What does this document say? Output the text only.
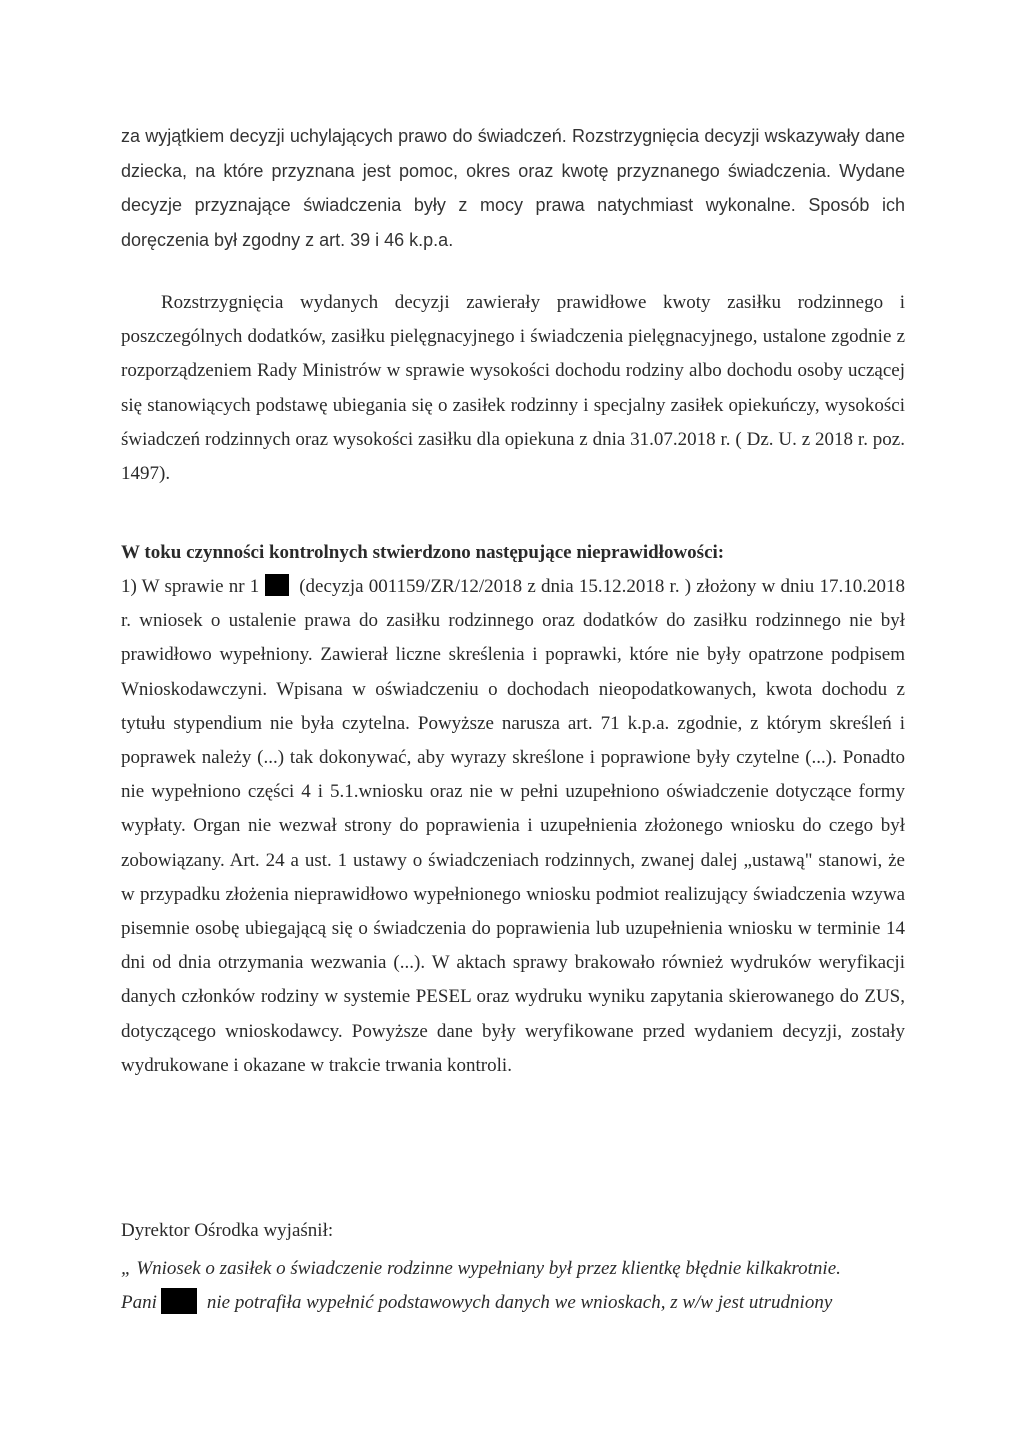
za wyjątkiem decyzji uchylających prawo do świadczeń. Rozstrzygnięcia decyzji wskazywały dane dziecka, na które przyznana jest pomoc, okres oraz kwotę przyznanego świadczenia. Wydane decyzje przyznające świadczenia były z mocy prawa natychmiast wykonalne. Sposób ich doręczenia był zgodny z art. 39 i 46 k.p.a.

Rozstrzygnięcia wydanych decyzji zawierały prawidłowe kwoty zasiłku rodzinnego i poszczególnych dodatków, zasiłku pielęgnacyjnego i świadczenia pielęgnacyjnego, ustalone zgodnie z rozporządzeniem Rady Ministrów w sprawie wysokości dochodu rodziny albo dochodu osoby uczącej się stanowiących podstawę ubiegania się o zasiłek rodzinny i specjalny zasiłek opiekuńczy, wysokości świadczeń rodzinnych oraz wysokości zasiłku dla opiekuna z dnia 31.07.2018 r. ( Dz. U. z 2018 r. poz. 1497).

W toku czynności kontrolnych stwierdzono następujące nieprawidłowości:

1) W sprawie nr 1 (decyzja 001159/ZR/12/2018 z dnia 15.12.2018 r. ) złożony w dniu 17.10.2018 r. wniosek o ustalenie prawa do zasiłku rodzinnego oraz dodatków do zasiłku rodzinnego nie był prawidłowo wypełniony. Zawierał liczne skreślenia i poprawki, które nie były opatrzone podpisem Wnioskodawczyni. Wpisana w oświadczeniu o dochodach nieopodatkowanych, kwota dochodu z tytułu stypendium nie była czytelna. Powyższe narusza art. 71 k.p.a. zgodnie, z którym skreśleń i poprawek należy (...) tak dokonywać, aby wyrazy skreślone i poprawione były czytelne (...). Ponadto nie wypełniono części 4 i 5.1.wniosku oraz nie w pełni uzupełniono oświadczenie dotyczące formy wypłaty. Organ nie wezwał strony do poprawienia i uzupełnienia złożonego wniosku do czego był zobowiązany. Art. 24 a ust. 1 ustawy o świadczeniach rodzinnych, zwanej dalej „ustawą" stanowi, że w przypadku złożenia nieprawidłowo wypełnionego wniosku podmiot realizujący świadczenia wzywa pisemnie osobę ubiegającą się o świadczenia do poprawienia lub uzupełnienia wniosku w terminie 14 dni od dnia otrzymania wezwania (...). W aktach sprawy brakowało również wydruków weryfikacji danych członków rodziny w systemie PESEL oraz wydruku wyniku zapytania skierowanego do ZUS, dotyczącego wnioskodawcy. Powyższe dane były weryfikowane przed wydaniem decyzji, zostały wydrukowane i okazane w trakcie trwania kontroli.

Dyrektor Ośrodka wyjaśnił:

„ Wniosek o zasiłek o świadczenie rodzinne wypełniany był przez klientkę błędnie kilkakrotnie.
Pani	nie potrafiła wypełnić podstawowych danych we wnioskach, z w/w jest utrudniony
